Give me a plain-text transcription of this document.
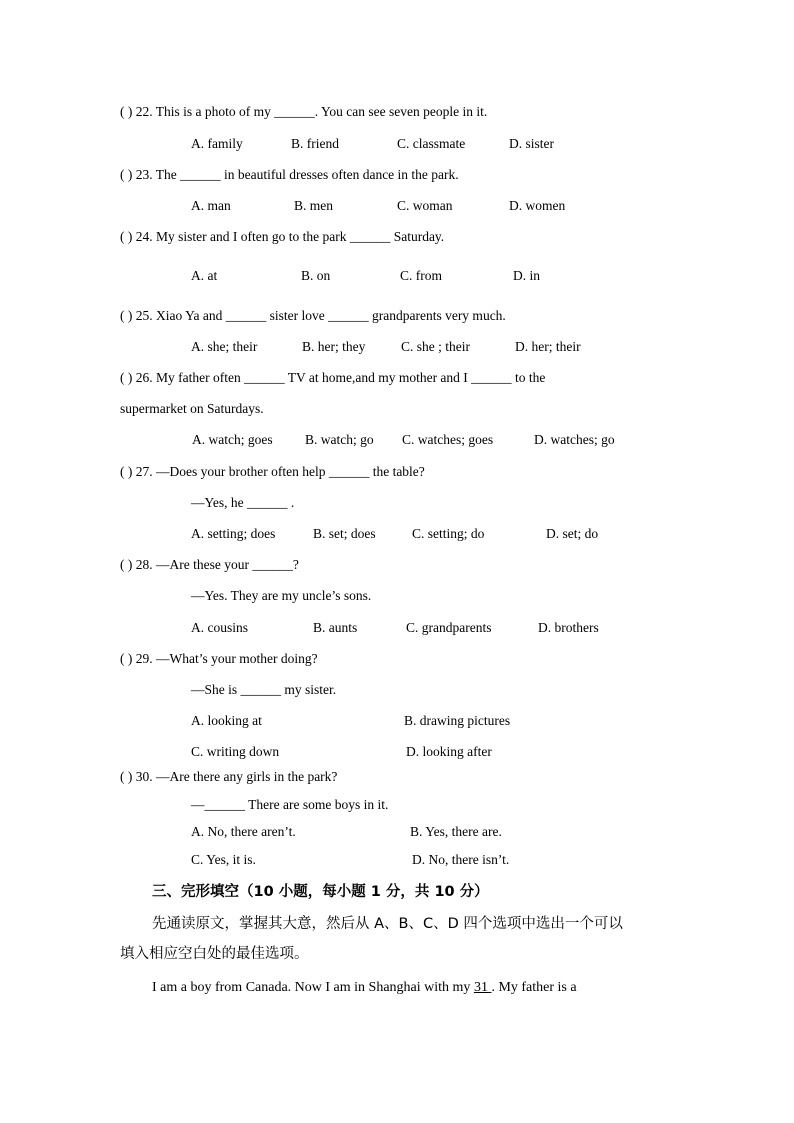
( ) 22. This is a photo of my ______. You can see seven people in it.
A. family	B. friend	C. classmate	D. sister
( ) 23. The ______ in beautiful dresses often dance in the park.
A. man	B. men	C. woman	D. women
( ) 24. My sister and I often go to the park ______ Saturday.
A. at	B. on	C. from	D. in
( ) 25. Xiao Ya and ______ sister love ______ grandparents very much.
A. she; their	B. her; they	C. she ; their	D. her; their
( ) 26. My father often ______ TV at home,and my mother and I ______ to the
supermarket on Saturdays.
A. watch; goes B. watch; go C. watches; goes	D. watches; go
( ) 27. —Does your brother often help ______ the table?
—Yes, he ______ .
A. setting; does	B. set; does	C. setting; do	D. set; do
( ) 28. —Are these your ______?
—Yes. They are my uncle’s sons.
A. cousins	B. aunts	C. grandparents	D. brothers
( ) 29. —What’s your mother doing?
—She is ______ my sister.
A. looking at	B. drawing pictures
C. writing down	D. looking after
( ) 30. —Are there any girls in the park?
—______ There are some boys in it.
A. No, there aren’t.	B. Yes, there are.
C. Yes, it is.	D. No, there isn’t.
三、完形填空（10 小题，每小题 1 分，共 10 分）
先通读原文，掌握其大意，然后从 A、B、C、D 四个选项中选出一个可以
填入相应空白处的最佳选项。
I am a boy from Canada. Now I am in Shanghai with my 31 . My father is a
